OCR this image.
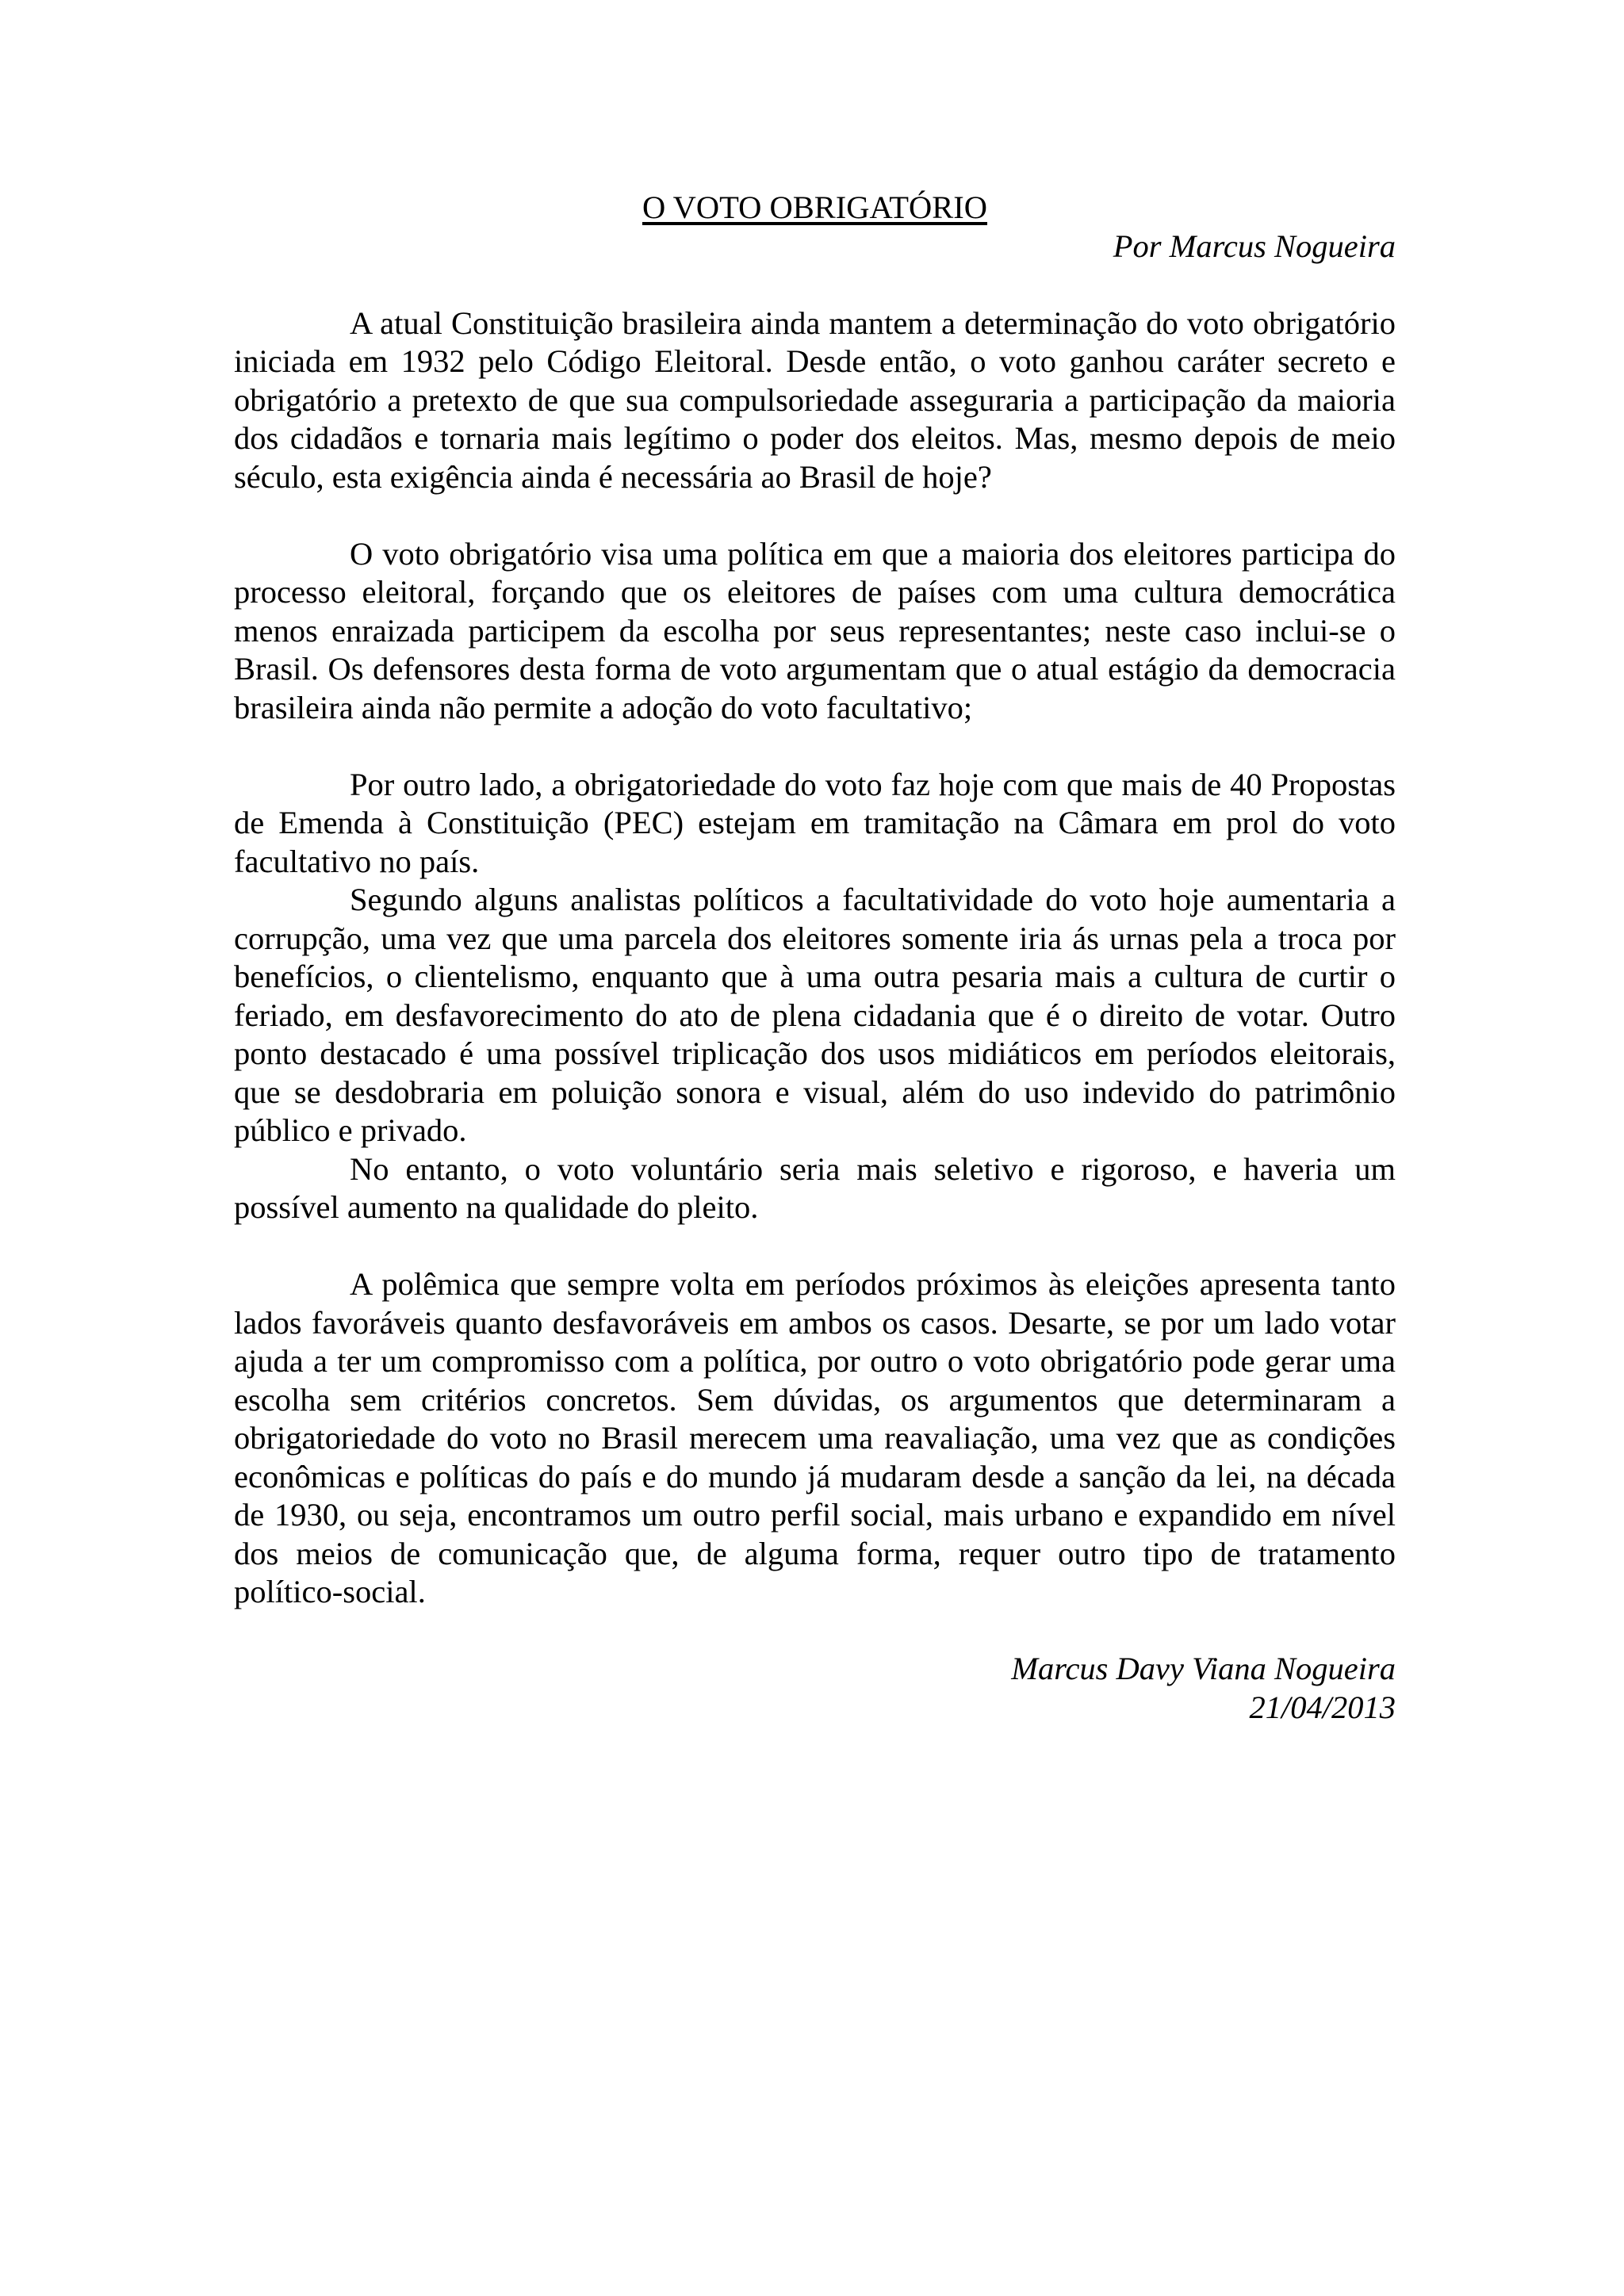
O VOTO OBRIGATÓRIO

Por Marcus Nogueira

A atual Constituição brasileira ainda mantem a determinação do voto obrigatório iniciada em 1932 pelo Código Eleitoral. Desde então, o voto ganhou caráter secreto e obrigatório a pretexto de que sua compulsoriedade asseguraria a participação da maioria dos cidadãos e tornaria mais legítimo o poder dos eleitos. Mas, mesmo depois de meio século, esta exigência ainda é necessária ao Brasil de hoje?

O voto obrigatório visa uma política em que a maioria dos eleitores participa do processo eleitoral, forçando que os eleitores de países com uma cultura democrática menos enraizada participem da escolha por seus representantes; neste caso inclui-se o Brasil. Os defensores desta forma de voto argumentam que o atual estágio da democracia brasileira ainda não permite a adoção do voto facultativo;

Por outro lado, a obrigatoriedade do voto faz hoje com que mais de 40 Propostas de Emenda à Constituição (PEC) estejam em tramitação na Câmara em prol do voto facultativo no país.

Segundo alguns analistas políticos a facultatividade do voto hoje aumentaria a corrupção, uma vez que uma parcela dos eleitores somente iria ás urnas pela a troca por benefícios, o clientelismo, enquanto que à uma outra pesaria mais a cultura de curtir o feriado, em desfavorecimento do ato de plena cidadania que é o direito de votar. Outro ponto destacado é uma possível triplicação dos usos midiáticos em períodos eleitorais, que se desdobraria em poluição sonora e visual, além do uso indevido do patrimônio público e privado.

No entanto, o voto voluntário seria mais seletivo e rigoroso, e haveria um possível aumento na qualidade do pleito.

A polêmica que sempre volta em períodos próximos às eleições apresenta tanto lados favoráveis quanto desfavoráveis em ambos os casos. Desarte, se por um lado votar ajuda a ter um compromisso com a política, por outro o voto obrigatório pode gerar uma escolha sem critérios concretos. Sem dúvidas, os argumentos que determinaram a obrigatoriedade do voto no Brasil merecem uma reavaliação, uma vez que as condições econômicas e políticas do país e do mundo já mudaram desde a sanção da lei, na década de 1930, ou seja, encontramos um outro perfil social, mais urbano e expandido em nível dos meios de comunicação que, de alguma forma, requer outro tipo de tratamento político-social.

Marcus Davy Viana Nogueira

21/04/2013
